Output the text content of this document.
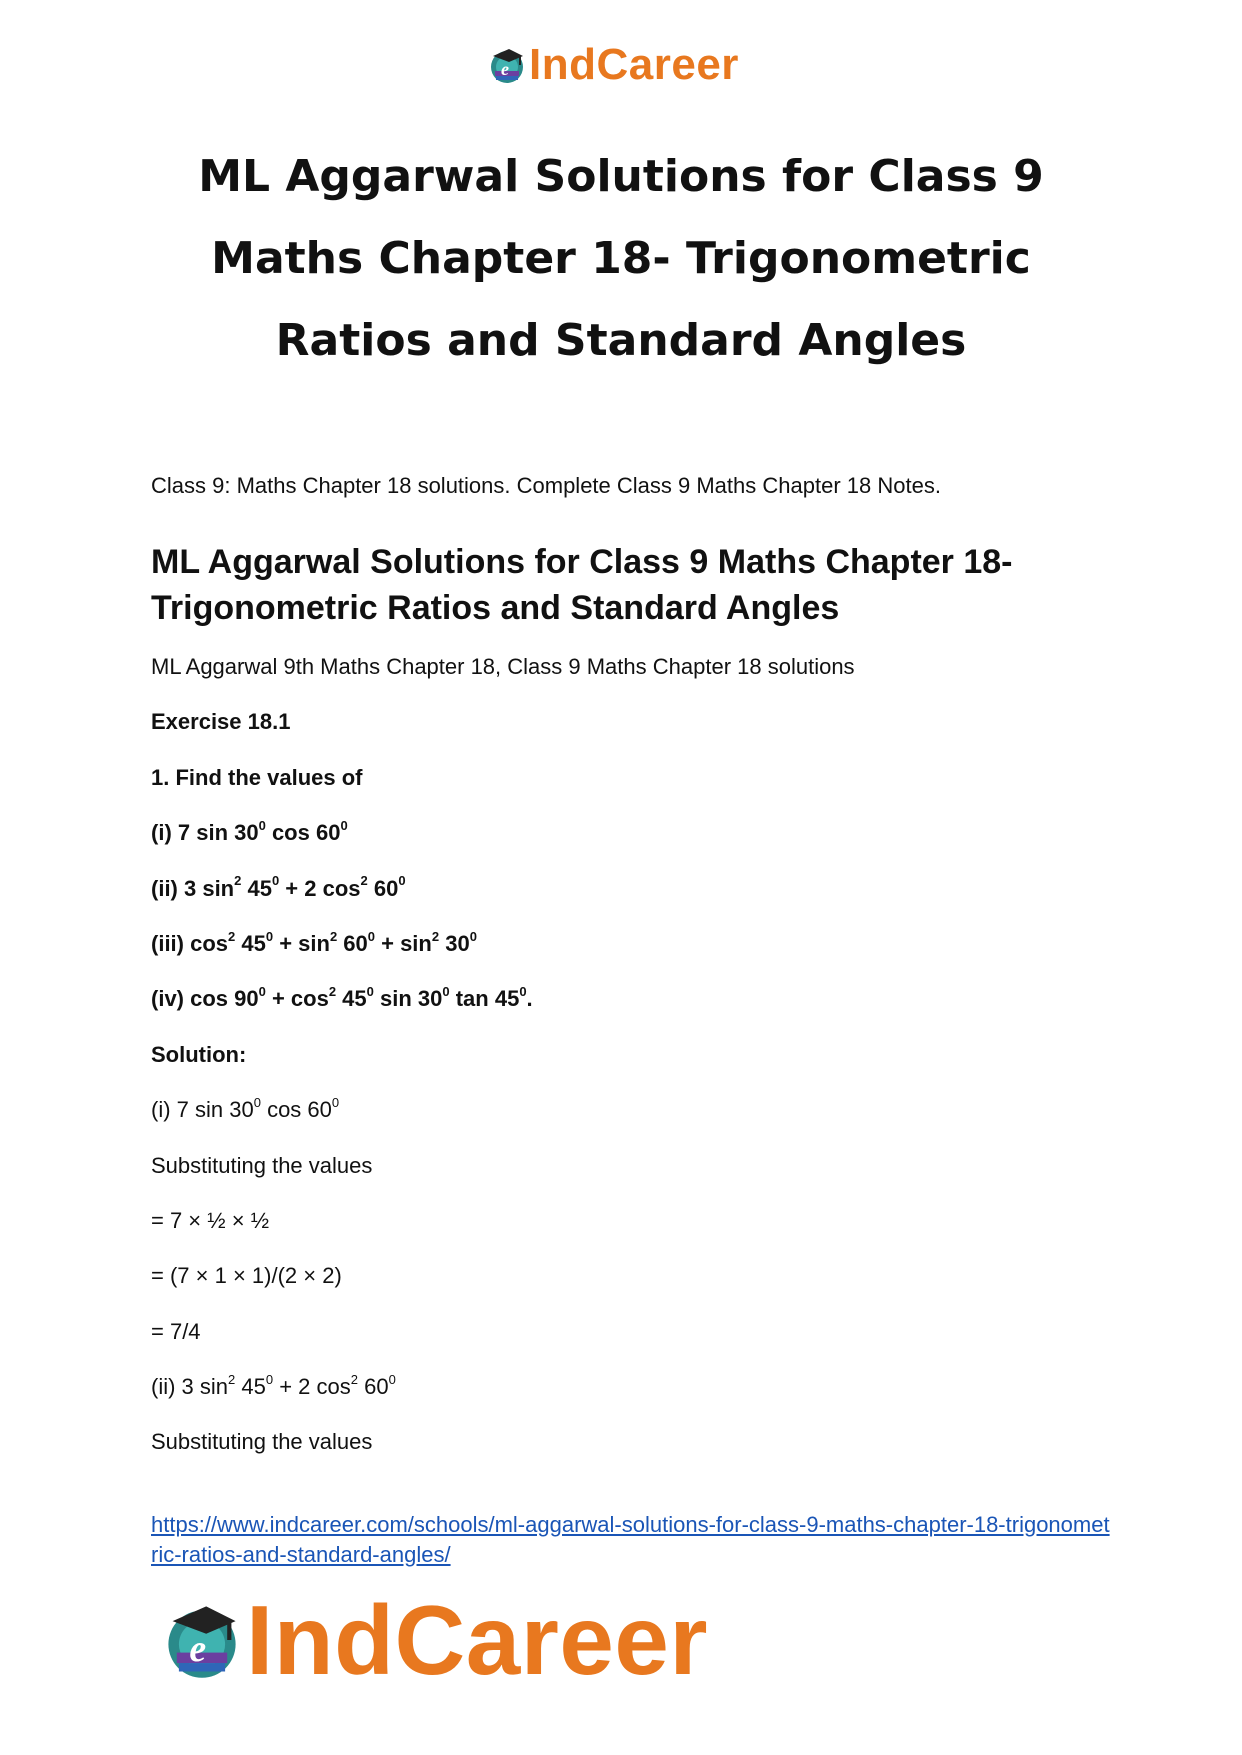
e IndCareer
ML Aggarwal Solutions for Class 9 Maths Chapter 18- Trigonometric Ratios and Standard Angles

Class 9: Maths Chapter 18 solutions. Complete Class 9 Maths Chapter 18 Notes.

ML Aggarwal Solutions for Class 9 Maths Chapter 18- Trigonometric Ratios and Standard Angles

ML Aggarwal 9th Maths Chapter 18, Class 9 Maths Chapter 18 solutions

Exercise 18.1

1. Find the values of

(i) 7 $\sin 30^0$ $\cos 60^0$

(ii) 3 $\sin^2 45^0 + 2$ $\cos^2 60^0$

(iii) $\cos^2 45^0 + \sin^2 60^0 + \sin^2 30^0$

(iv) $\cos 90^0 + \cos^2 45^0$ $\sin 30^0$ $\tan 45^0$.

Solution:

(i) 7 $\sin 30^0$ $\cos 60^0$

Substituting the values

= 7 × ½ × ½

= (7 × 1 × 1)/(2 × 2)

= 7/4

(ii) 3 $\sin^2 45^0 + 2$ $\cos^2 60^0$

Substituting the values

https://www.indcareer.com/schools/ml-aggarwal-solutions-for-class-9-maths-chapter-18-trigonometric-ratios-and-standard-angles/
e IndCareer
